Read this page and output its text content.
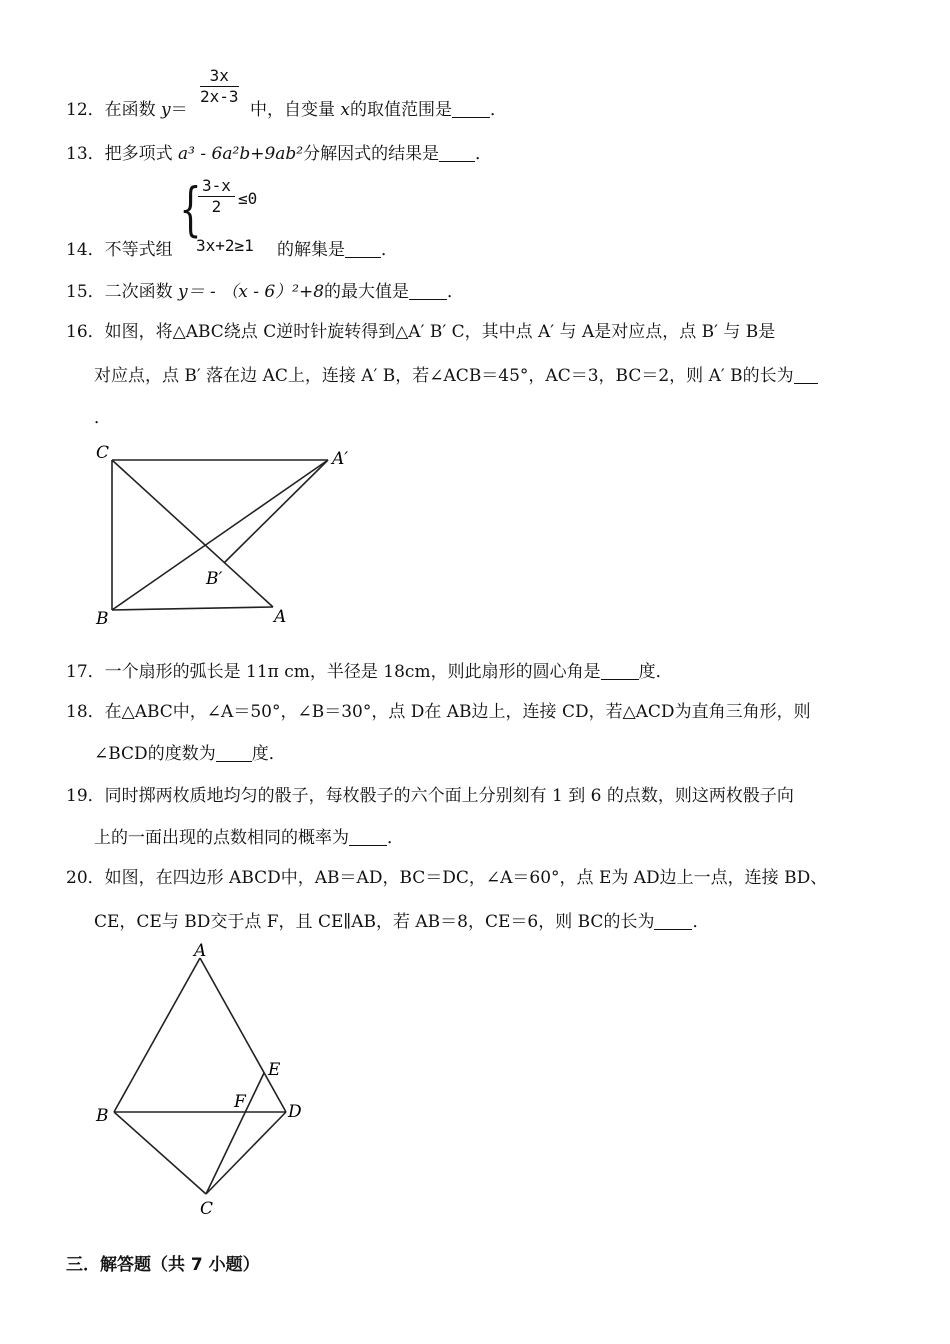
12．在函数 y＝
$\frac{3x}{2x-3}$
中，自变量 x的取值范围是 ．
13．把多项式 a³ - 6a²b+9ab²分解因式的结果是 ．
{
$\frac{3-x}{2} \le 0$
14．不等式组 3x+2≥1 的解集是 ．
15．二次函数 y＝ - （x - 6）²+8的最大值是 ．
16．如图，将△ABC绕点 C逆时针旋转得到△A′ B′ C，其中点 A′ 与 A是对应点，点 B′ 与 B是
对应点，点 B′ 落在边 AC上，连接 A′ B，若∠ACB＝45°，AC＝3，BC＝2，则 A′ B的长为
．
C	A′
B′
B	A
17．一个扇形的弧长是 11π cm，半径是 18cm，则此扇形的圆心角是 度．
18．在△ABC中，∠A＝50°，∠B＝30°，点 D在 AB边上，连接 CD，若△ACD为直角三角形，则
∠BCD的度数为 度．
19．同时掷两枚质地均匀的骰子，每枚骰子的六个面上分别刻有 1 到 6 的点数，则这两枚骰子向
上的一面出现的点数相同的概率为 ．
20．如图，在四边形 ABCD中，AB＝AD，BC＝DC，∠A＝60°，点 E为 AD边上一点，连接 BD、
CE，CE与 BD交于点 F，且 CE∥AB，若 AB＝8，CE＝6，则 BC的长为 ．
A
E
F
B	D
C
三．解答题（共 7 小题）
